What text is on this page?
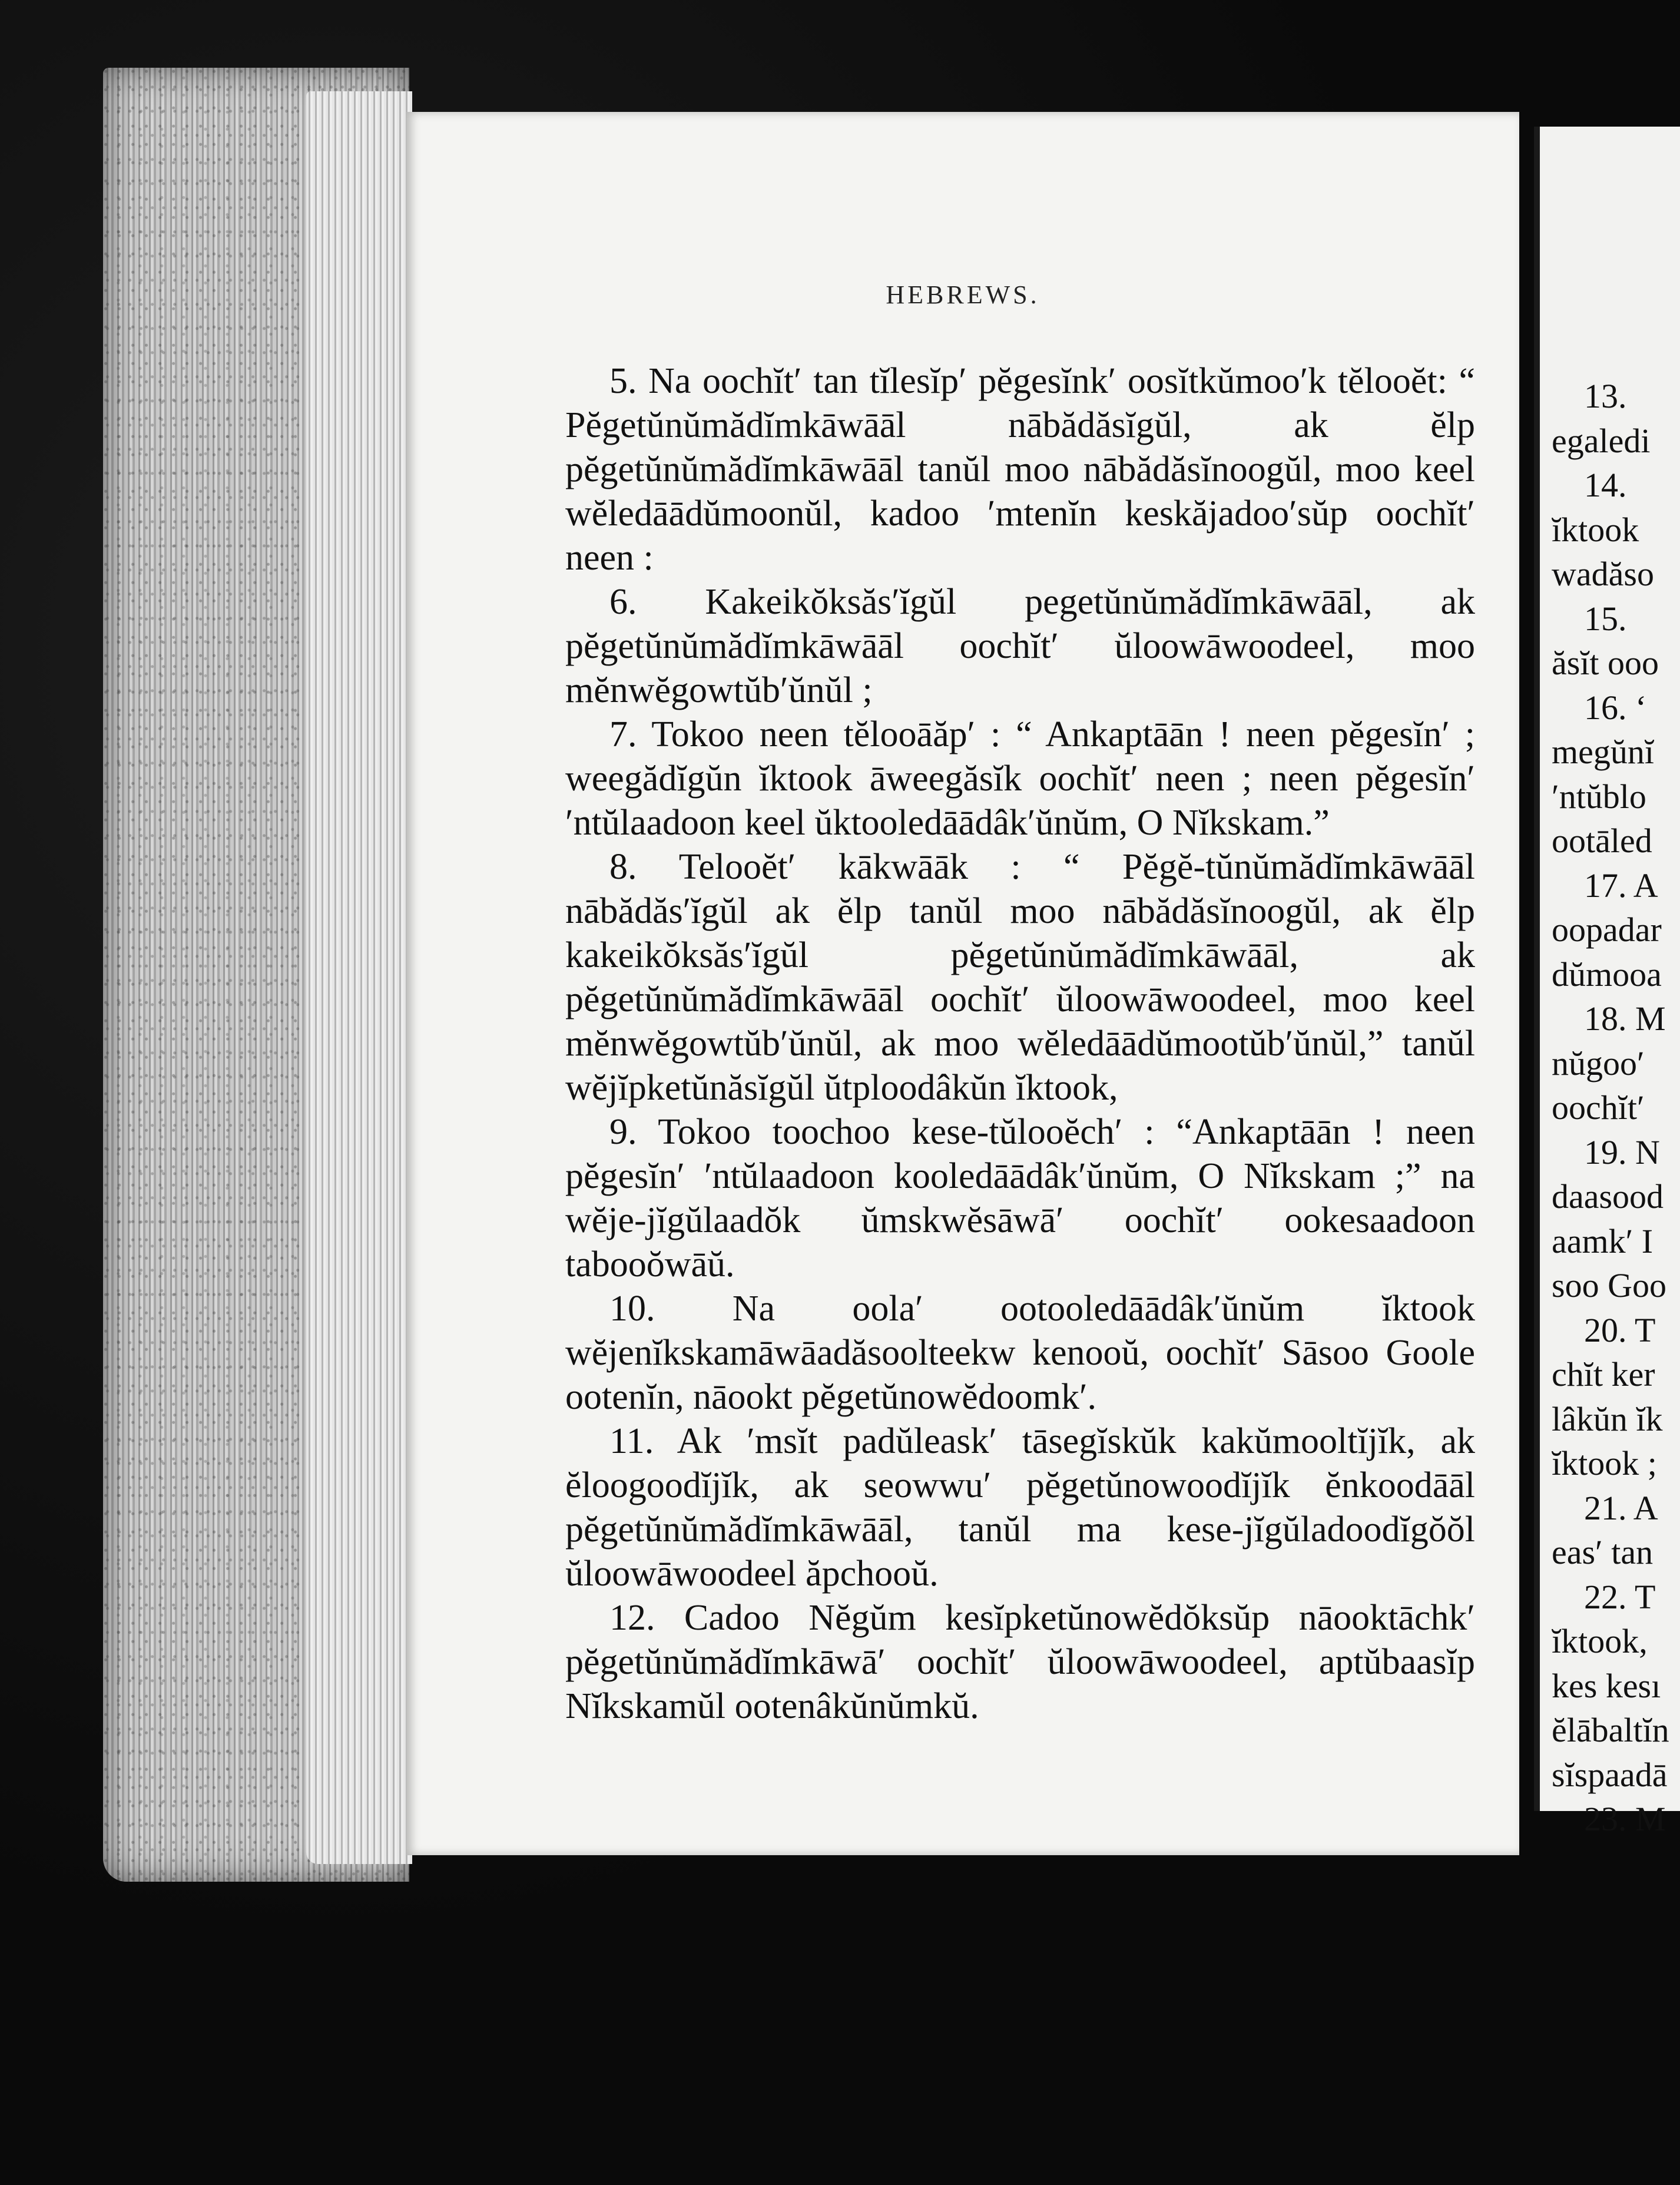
HEBREWS.

5. Na oochĭt′ tan tĭlesĭp′ pĕgesĭnk′ oosĭtkŭmoo′k tĕlooĕt: “ Pĕgetŭnŭmădĭmkāwāāl nābădăsĭgŭl, ak ĕlp pĕgetŭnŭmădĭmkāwāāl tanŭl moo nābădăsĭnoogŭl, moo keel wĕledāādŭmoonŭl, kadoo ′mtenĭn keskăjadoo′sŭp oochĭt′ neen :

6. Kakeikŏksăs′ĭgŭl pegetŭnŭmădĭmkāwāāl, ak pĕgetŭnŭmădĭmkāwāāl oochĭt′ ŭloowāwoodeel, moo mĕnwĕgowtŭb′ŭnŭl ;

7. Tokoo neen tĕlooāăp′ : “ Ankaptāān ! neen pĕgesĭn′ ; weegădĭgŭn ĭktook āweegăsĭk oochĭt′ neen ; neen pĕgesĭn′ ′ntŭlaadoon keel ŭktooledāādâk′ŭnŭm, O Nĭkskam.”

8. Telooĕt′ kākwāāk : “ Pĕgĕ-tŭnŭmădĭmkāwāāl nābădăs′ĭgŭl ak ĕlp tanŭl moo nābădăsĭnoogŭl, ak ĕlp kakeikŏksăs′ĭgŭl pĕgetŭnŭmădĭmkāwāāl, ak pĕgetŭnŭmădĭmkāwāāl oochĭt′ ŭloowāwoodeel, moo keel mĕnwĕgowtŭb′ŭnŭl, ak moo wĕledāādŭmootŭb′ŭnŭl,” tanŭl wĕjĭpketŭnăsĭgŭl ŭtploodâkŭn ĭktook,

9. Tokoo toochoo kese-tŭlooĕch′ : “Ankaptāān ! neen pĕgesĭn′ ′ntŭlaadoon kooledāādâk′ŭnŭm, O Nĭkskam ;” na wĕje-jĭgŭlaadŏk ŭmskwĕsāwā′ oochĭt′ ookesaadoon tabooŏwāŭ.

10. Na oola′ ootooledāādâk′ŭnŭm ĭktook wĕjenĭkskamāwāadăsoolteekw kenooŭ, oochĭt′ Sāsoo Goole ootenĭn, nāookt pĕgetŭnowĕdoomk′.

11. Ak ′msĭt padŭleask′ tāsegĭskŭk kakŭmooltĭjĭk, ak ĕloogoodĭjĭk, ak seowwu′ pĕgetŭnowoodĭjĭk ĕnkoodāāl pĕgetŭnŭmădĭmkāwāāl, tanŭl ma kese-jĭgŭladoodĭgŏŏl ŭloowāwoodeel ăpchooŭ.

12. Cadoo Nĕgŭm kesĭpketŭnowĕdŏksŭp nāooktāchk′ pĕgetŭnŭmădĭmkāwā′ oochĭt′ ŭloowāwoodeel, aptŭbaasĭp Nĭkskamŭl ootenâkŭnŭmkŭ.

13.
egaledi
14.
ĭktook
wadăso
15.
ăsĭt ooo
16. ‘
megŭnĭ
′ntŭblo
ootāled
17. A
oopadar
dŭmooa
18. M
nŭgoo′
oochĭt′
19. N
daasood
aamk′ I
soo Goo
20. T
chĭt ker
lâkŭn ĭk
ĭktook ;
21. A
eas′ tan
22. T
ĭktook,
kes kesı
ĕlābaltĭn
sĭspaadā
23. M
